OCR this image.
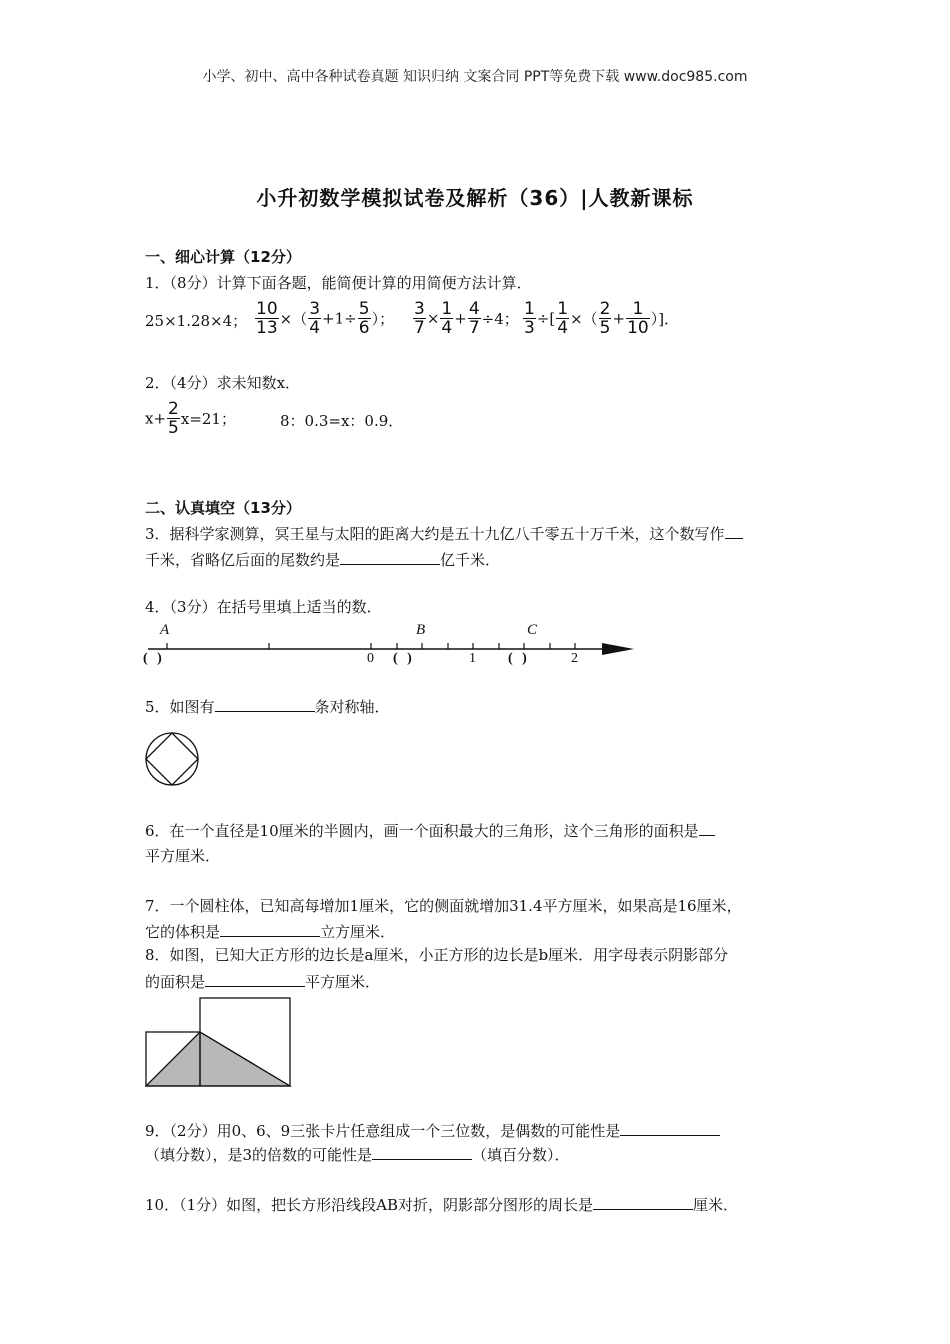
小学、初中、高中各种试卷真题 知识归纳 文案合同 PPT等免费下载 www.doc985.com
小升初数学模拟试卷及解析（36）|人教新课标
一、细心计算（12分）
1．（8分）计算下面各题，能简便计算的用简便方法计算．
25×1.28×4； $\frac{10}{13}$ ×（ $\frac{3}{4} +1\div \frac{5}{6}$ ）； $\frac{3}{7} \times \frac{1}{4} + \frac{4}{7} \div 4$； $\frac{1}{3}$ ÷[ $\frac{1}{4}$ ×（ $\frac{2}{5} + \frac{1}{10}$ ）]．
2．（4分）求未知数x．
$x+ \frac{2}{5} x=21$；	8：0.3=x：0.9．
二、认真填空（13分）
3．据科学家测算，冥王星与太阳的距离大约是五十九亿八千零五十万千米，这个数写作
千米，省略亿后面的尾数约是	亿千米．
4．（3分）在括号里填上适当的数．
A	B	C
0	1	2
( )	( )	( )
5．如图有	条对称轴．
6．在一个直径是10厘米的半圆内，画一个面积最大的三角形，这个三角形的面积是
平方厘米．
7．一个圆柱体，已知高每增加1厘米，它的侧面就增加31.4平方厘米，如果高是16厘米，
它的体积是	立方厘米．
8．如图，已知大正方形的边长是a厘米，小正方形的边长是b厘米．用字母表示阴影部分
的面积是	平方厘米．
9．（2分）用0、6、9三张卡片任意组成一个三位数，是偶数的可能性是
（填分数），是3的倍数的可能性是	（填百分数）．
10．（1分）如图，把长方形沿线段AB对折，阴影部分图形的周长是	厘米．
